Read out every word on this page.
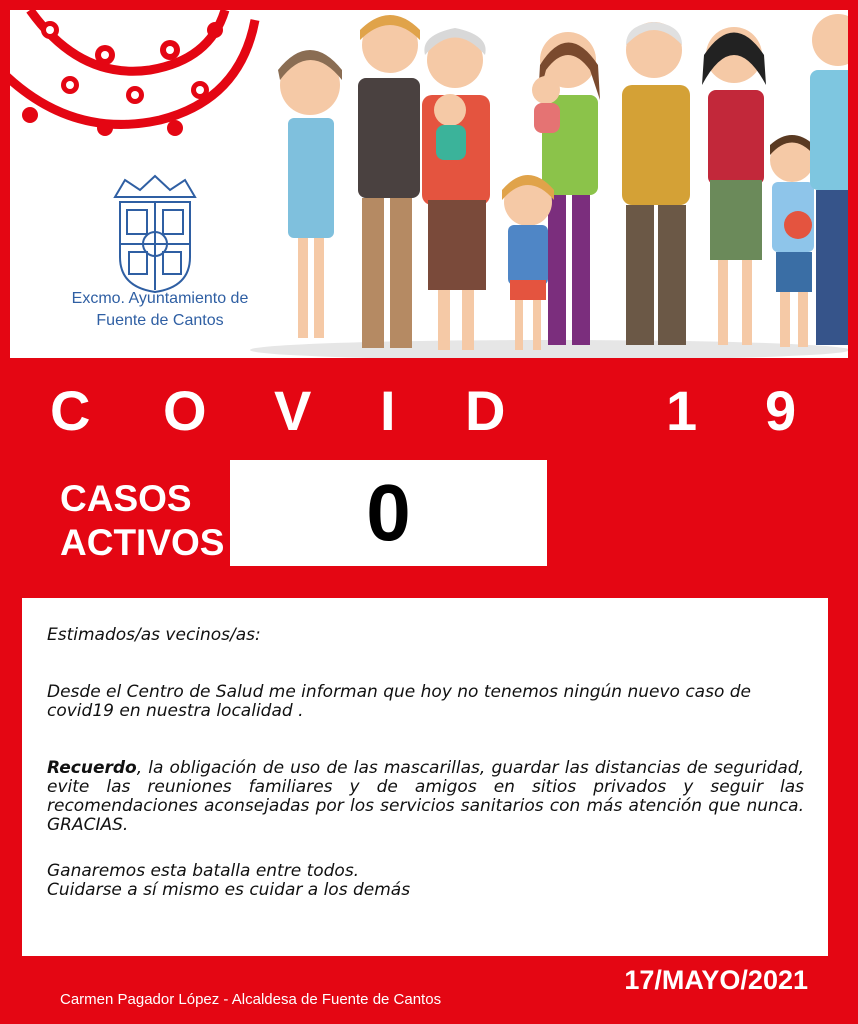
Excmo. Ayuntamiento de
Fuente de Cantos
C O V I D	1 9
CASOS
ACTIVOS 0

Estimados/as vecinos/as:

Desde el Centro de Salud me informan que hoy no tenemos ningún nuevo caso de covid19 en nuestra localidad .

Recuerdo, la obligación de uso de las mascarillas, guardar las distancias de seguridad, evite las reuniones familiares y de amigos en sitios privados y seguir las recomendaciones aconsejadas por los servicios sanitarios con más atención que nunca. GRACIAS.

Ganaremos esta batalla entre todos.

Cuidarse a sí mismo es cuidar a los demás

17/MAYO/2021
Carmen Pagador López - Alcaldesa de Fuente de Cantos
